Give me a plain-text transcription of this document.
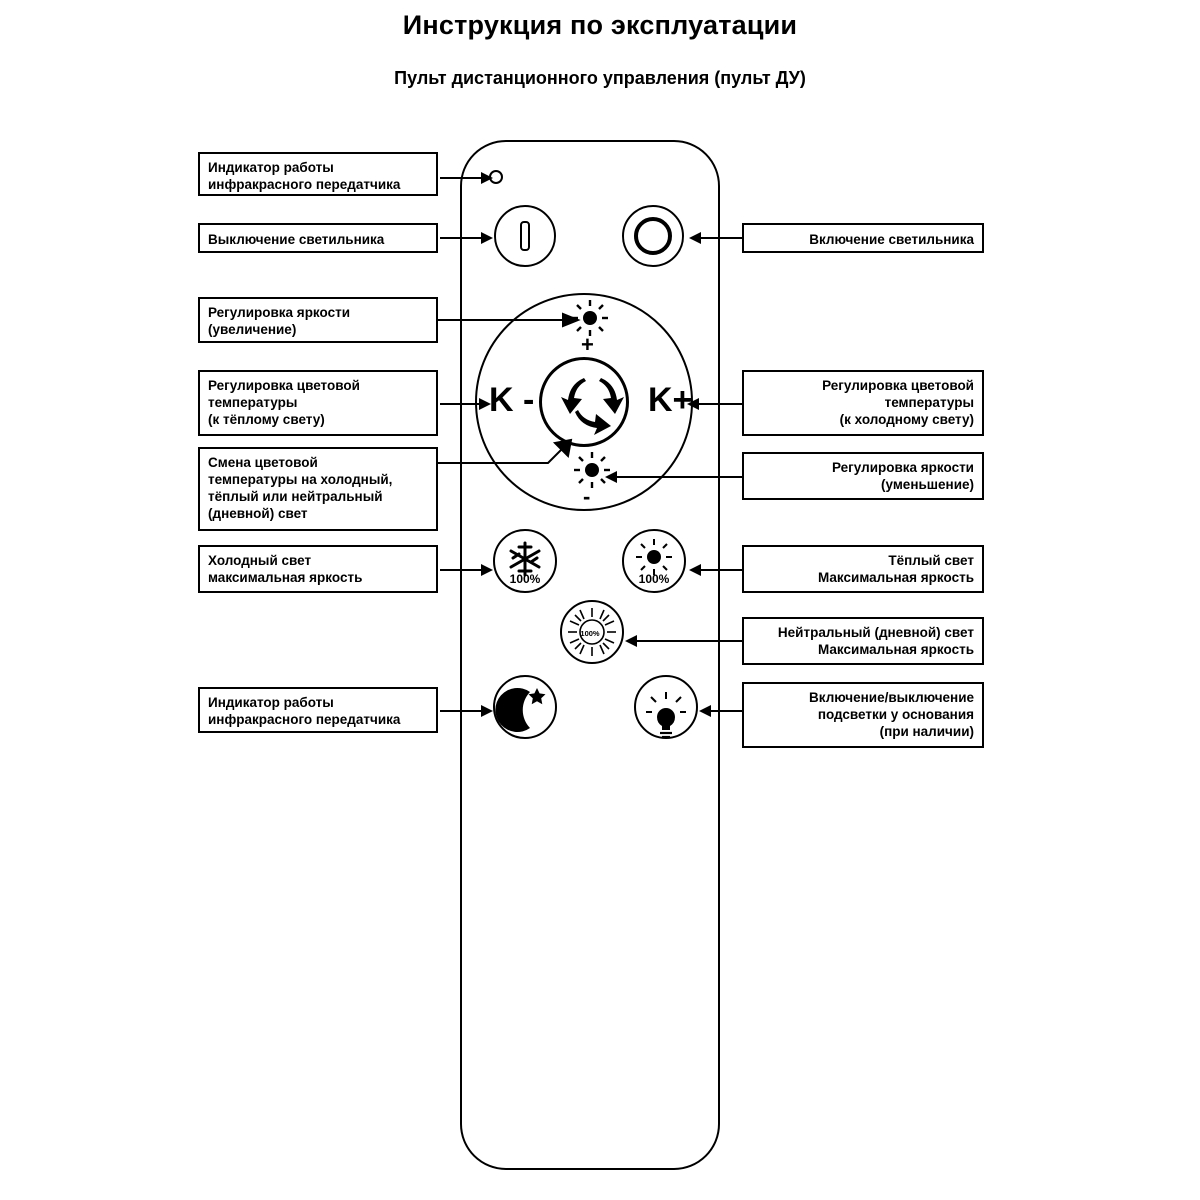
Инструкция по эксплуатации
Пульт дистанционного управления (пульт ДУ)
K -	K+
+
-
100%	100%
100%
Индикатор работы
инфракрасного передатчика
Выключение светильника
Регулировка яркости
(увеличение)
Регулировка цветовой
температуры
(к тёплому свету)
Смена цветовой
температуры на холодный,
тёплый или нейтральный
(дневной) свет
Холодный свет
максимальная яркость
Индикатор работы
инфракрасного передатчика
Включение светильника
Регулировка цветовой
температуры
(к холодному свету)
Регулировка яркости
(уменьшение)
Тёплый свет
Максимальная яркость
Нейтральный (дневной) свет
Максимальная яркость
Включение/выключение
подсветки у основания
(при наличии)
